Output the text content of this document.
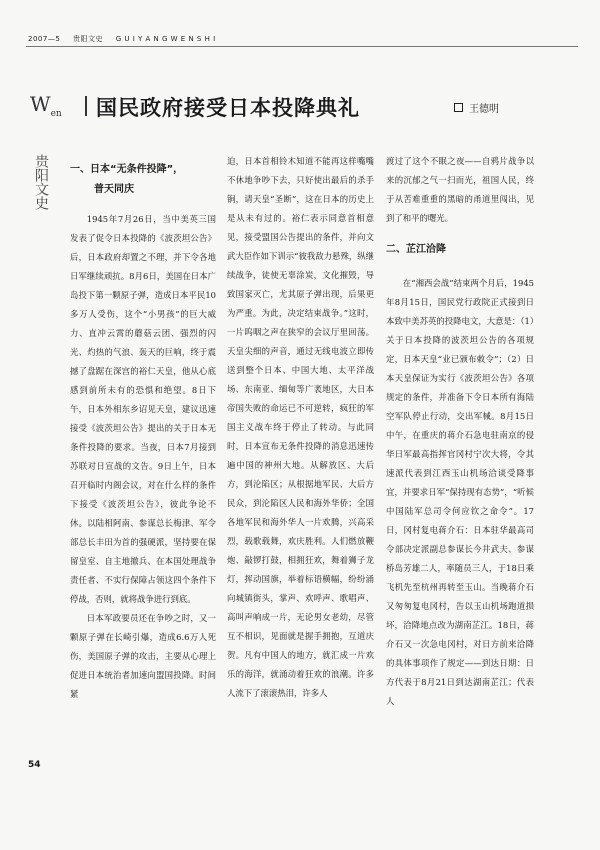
2007—5 贵阳文史 G U I Y A N G W E N S H I
$W_{en}$ 国民政府接受日本投降典礼	王德明
贵阳文史 一、日本“无条件投降”，
普天同庆

1945年7月26日，当中美英三国发表了促令日本投降的《波茨坦公告》后，日本政府却置之不理，并下令各地日军继续顽抗。8月6日，美国在日本广岛投下第一颗原子弹，造成日本平民10多万人受伤，这个“小男孩”的巨大威力、直冲云霄的蘑菇云团、强烈的闪光、灼热的气浪、轰天的巨响，终于震撼了盘踞在深宫的裕仁天皇，他从心底感到前所未有的恐惧和绝望。8日下午，日本外相东乡诏见天皇，建议迅速接受《波茨坦公告》提出的关于日本无条件投降的要求。当夜，日本7月接到苏联对日宣战的文告。9日上午，日本召开临时内阁会议，对在什么样的条件下接受《波茨坦公告》，彼此争论不休。以陆相阿南、参谋总长梅津、军令部总长丰田为首的强硬派，坚持要在保留皇室、自主地撤兵、在本国处理战争责任者、不实行保障占领这四个条件下停战，否则，就将战争进行到底。

日本军政要员还在争吵之时，又一颗原子弹在长崎引爆，造成6.6万人死伤，美国原子弹的攻击，主要从心理上促进日本统治者加速向盟国投降。时间紧

迫，日本首相铃木知道不能再这样嘴嘴不休地争吵下去，只好使出最后的杀手锏，请天皇“圣断”，这在日本的历史上是从未有过的。裕仁表示同意首相意见，接受盟国公告提出的条件，并向文武大臣作如下训示“彼我敌力悬殊，纵继续战争，徒使无辜涂炭，文化摧毁，导致国家灭亡，尤其原子弹出现，后果更为严重。为此，决定结束战争。”这时，一片呜咽之声在狭窄的会议厅里回荡。天皇尖细的声音，通过无线电波立即传送到整个日本、中国大地、太平洋战场、东南亚、缅甸等广袤地区，大日本帝国失败的命运已不可逆转，疯狂的军国主义战车终于停止了转动。与此同时，日本宣布无条件投降的消息迅速传遍中国的神州大地。从解放区、大后方，到沦陷区；从根据地军民、大后方民众，到沦陷区人民和海外华侨；全国各地军民和海外华人一片欢腾，兴高采烈，载歌载舞，欢庆胜利。人们燃放鞭炮、敲锣打鼓，相拥狂欢，舞着狮子龙灯，挥动国旗，举着标语横幅，纷纷涌向城镇街头，掌声、欢呼声、歌唱声、高叫声响成一片，无论男女老幼，尽管互不相识，见面就是握手拥抱，互道庆贺。凡有中国人的地方，就汇成一片欢乐的海洋，就涌动着狂欢的浪潮。许多人流下了滚滚热泪，许多人

渡过了这个不眠之夜——自鸦片战争以来的沉郁之气一扫而光，祖国人民，终于从苦难重重的黑暗的甬道里闯出，见到了和平的曙光。

二、芷江洽降

在“湘西会战”结束两个月后，1945年8月15日，国民党行政院正式接到日本致中美苏英的投降电文，大意是：（1）关于日本投降的波茨坦公告的各项规定，日本天皇“业已颁布敕令”；（2）日本天皇保证为实行《波茨坦公告》各项规定的条件，并准备下令日本所有海陆空军队停止行动，交出军械。8月15日中午，在重庆的蒋介石急电驻南京的侵华日军最高指挥官冈村宁次大将，令其速派代表到江西玉山机场洽谈受降事宜，并要求日军“保持现有态势”，“听候中国陆军总司令何应钦之命令”。17日，冈村复电蒋介石：日本驻华最高司令部决定派副总参谋长今井武夫、参谋桥岛芳雄二人，率随员三人，于18日乘飞机先至杭州再转至玉山。当晚蒋介石又匆匆复电冈村，告以玉山机场跑道损坏，洽降地点改为湖南芷江。18日，蒋介石又一次急电冈村，对日方前来洽降的具体事项作了规定——到达日期：日方代表于8月21日到达湖南芷江；代表人

54
